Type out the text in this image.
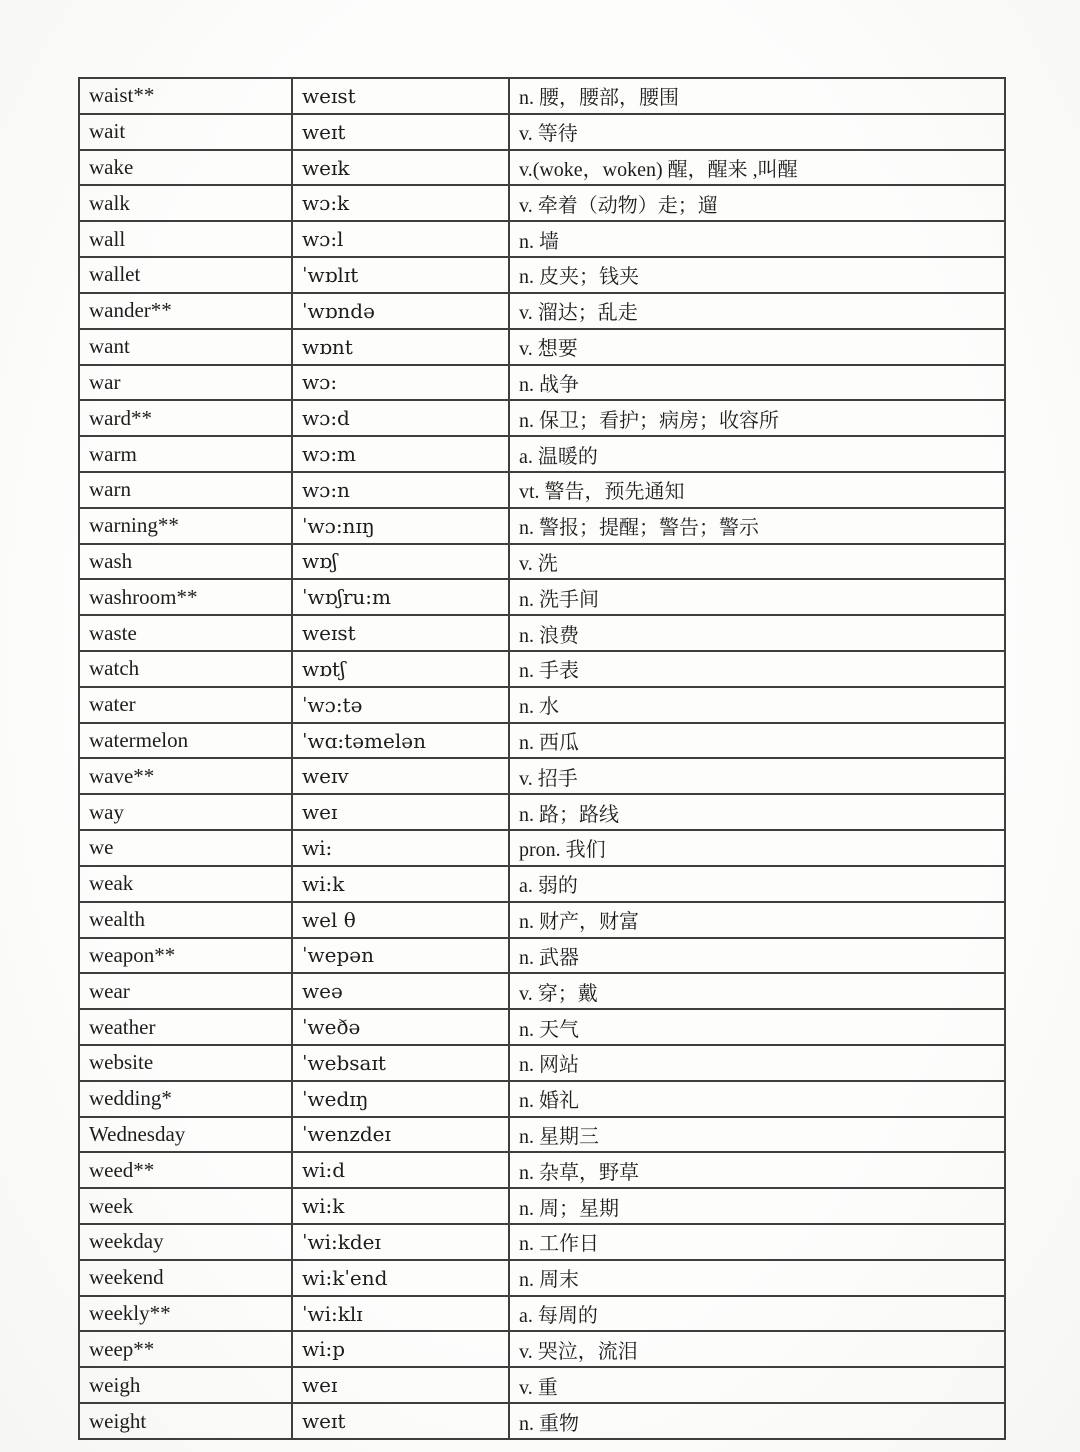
waist**	weɪst	n. 腰，腰部，腰围
wait	weɪt	v. 等待
wake	weɪk	v.(woke，woken) 醒，醒来 ,叫醒
walk	wɔ:k	v. 牵着（动物）走；遛
wall	wɔ:l	n. 墙
wallet	ˈwɒlɪt	n. 皮夹；钱夹
wander**	ˈwɒndə	v. 溜达；乱走
want	wɒnt	v. 想要
war	wɔ:	n. 战争
ward**	wɔ:d	n. 保卫；看护；病房；收容所
warm	wɔ:m	a. 温暖的
warn	wɔ:n	vt. 警告，预先通知
warning**	ˈwɔ:nɪŋ	n. 警报；提醒；警告；警示
wash	wɒʃ	v. 洗
washroom**	ˈwɒʃru:m	n. 洗手间
waste	weɪst	n. 浪费
watch	wɒtʃ	n. 手表
water	ˈwɔ:tə	n. 水
watermelon	ˈwɑ:təmelən	n. 西瓜
wave**	weɪv	v. 招手
way	weɪ	n. 路；路线
we	wi:	pron. 我们
weak	wi:k	a. 弱的
wealth	wel θ	n. 财产，财富
weapon**	ˈwepən	n. 武器
wear	weə	v. 穿；戴
weather	ˈweðə	n. 天气
website	ˈwebsaɪt	n. 网站
wedding*	ˈwedɪŋ	n. 婚礼
Wednesday	ˈwenzdeɪ	n. 星期三
weed**	wi:d	n. 杂草，野草
week	wi:k	n. 周；星期
weekday	ˈwi:kdeɪ	n. 工作日
weekend	wi:kˈend	n. 周末
weekly**	ˈwi:klɪ	a. 每周的
weep**	wi:p	v. 哭泣，流泪
weigh	weɪ	v. 重
weight	weɪt	n. 重物
